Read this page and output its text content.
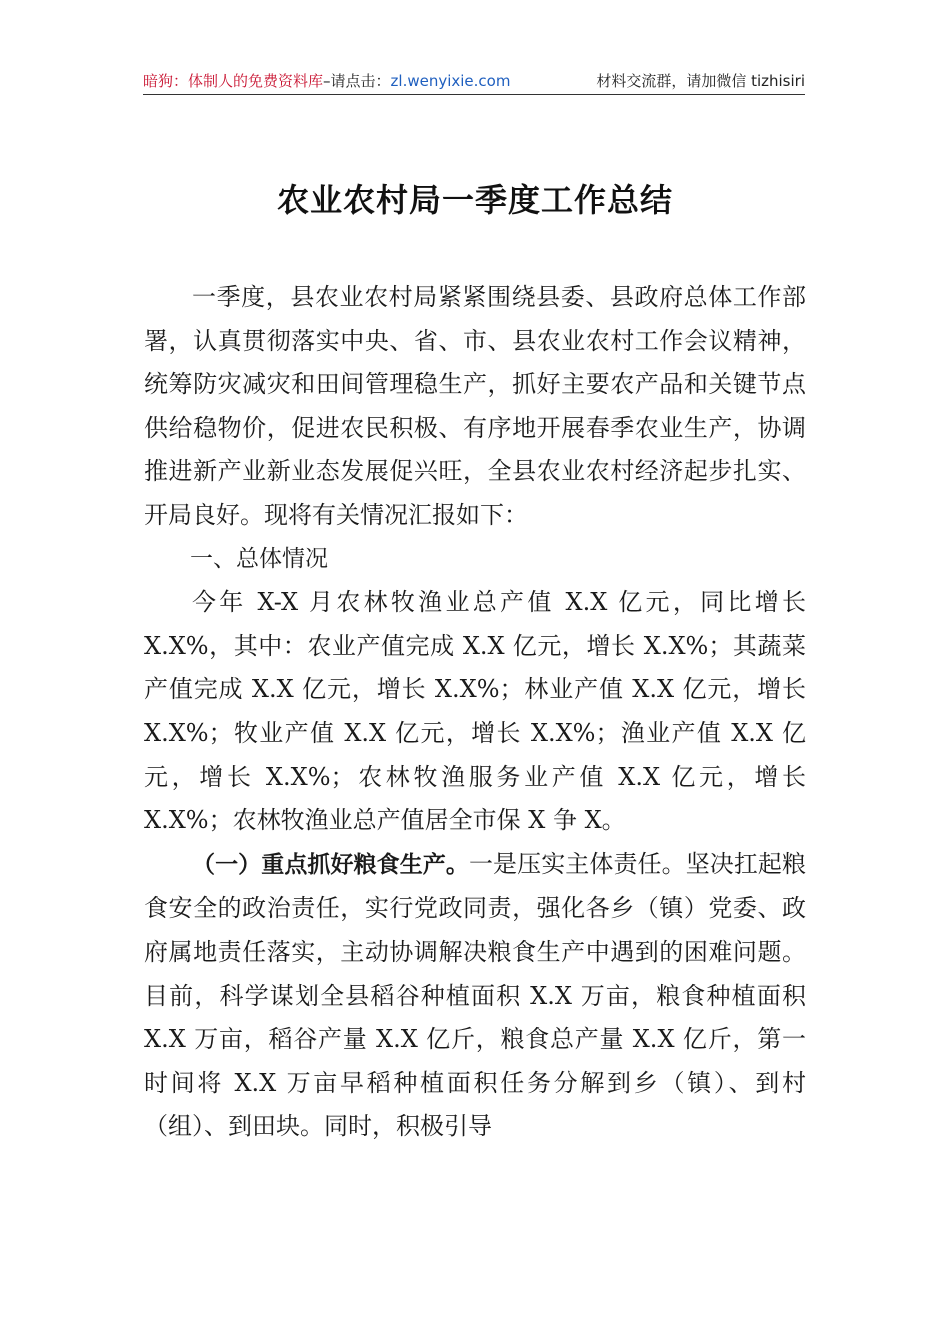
暗狗：体制人的免费资料库–请点击：zl.wenyixie.com	材料交流群，请加微信 tizhisiri
农业农村局一季度工作总结

一季度，县农业农村局紧紧围绕县委、县政府总体工作部署，认真贯彻落实中央、省、市、县农业农村工作会议精神，统筹防灾减灾和田间管理稳生产，抓好主要农产品和关键节点供给稳物价，促进农民积极、有序地开展春季农业生产，协调推进新产业新业态发展促兴旺，全县农业农村经济起步扎实、开局良好。现将有关情况汇报如下：

一、总体情况

今年 X-X 月农林牧渔业总产值 X.X 亿元，同比增长 X.X%，其中：农业产值完成 X.X 亿元，增长 X.X%；其蔬菜产值完成 X.X 亿元，增长 X.X%；林业产值 X.X 亿元，增长 X.X%；牧业产值 X.X 亿元，增长 X.X%；渔业产值 X.X 亿元，增长 X.X%；农林牧渔服务业产值 X.X 亿元，增长 X.X%；农林牧渔业总产值居全市保 X 争 X。

（一）重点抓好粮食生产。一是压实主体责任。坚决扛起粮食安全的政治责任，实行党政同责，强化各乡（镇）党委、政府属地责任落实，主动协调解决粮食生产中遇到的困难问题。目前，科学谋划全县稻谷种植面积 X.X 万亩，粮食种植面积 X.X 万亩，稻谷产量 X.X 亿斤，粮食总产量 X.X 亿斤，第一时间将 X.X 万亩早稻种植面积任务分解到乡（镇）、到村（组）、到田块。同时，积极引导
